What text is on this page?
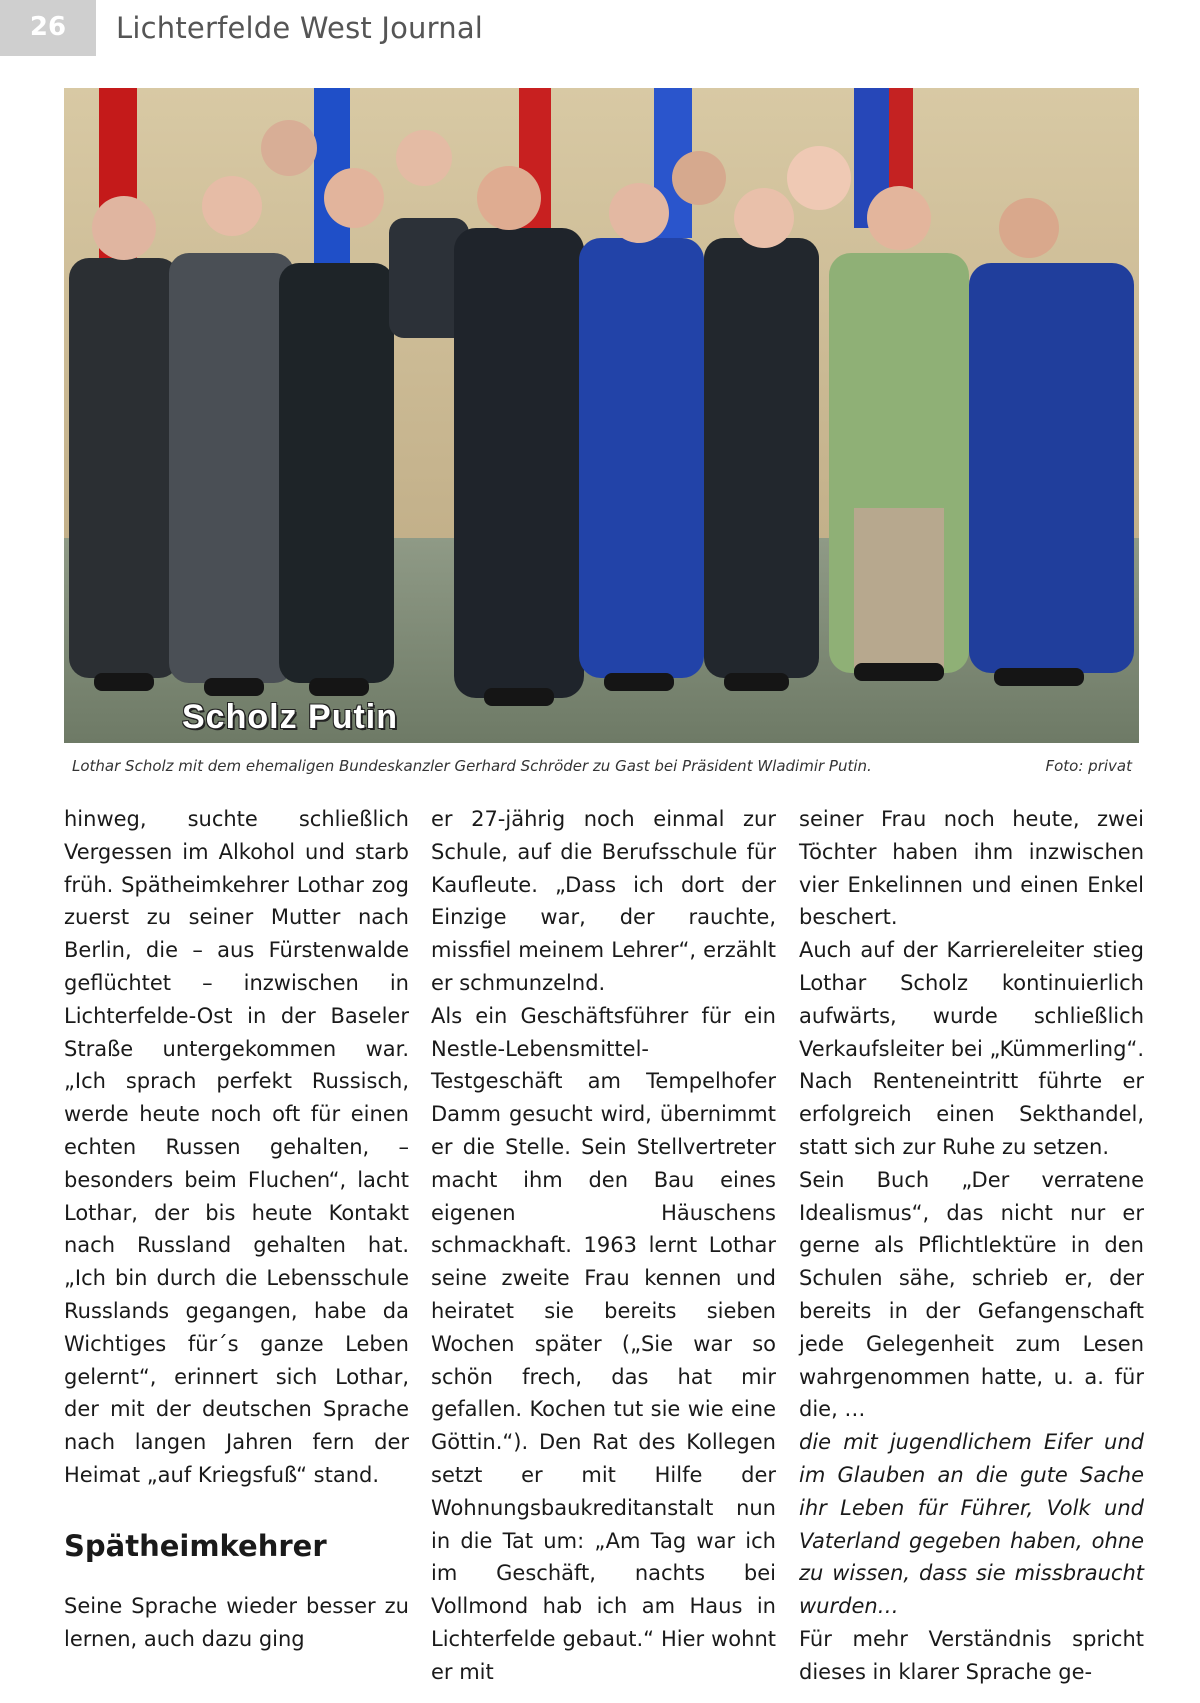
26	Lichterfelde West Journal
Scholz Putin
Lothar Scholz mit dem ehemaligen Bundeskanzler Gerhard Schröder zu Gast bei Präsident Wladimir Putin.	Foto: privat

hinweg, suchte schließlich Vergessen im Alkohol und starb früh. Spätheimkehrer Lothar zog zuerst zu seiner Mutter nach Berlin, die – aus Fürstenwalde geflüchtet – inzwischen in Lichterfelde-Ost in der Baseler Straße untergekommen war. „Ich sprach perfekt Russisch, werde heute noch oft für einen echten Russen gehalten, – besonders beim Fluchen“, lacht Lothar, der bis heute Kontakt nach Russland gehalten hat. „Ich bin durch die Lebensschule Russlands gegangen, habe da Wichtiges für´s ganze Leben gelernt“, erinnert sich Lothar, der mit der deutschen Sprache nach langen Jahren fern der Heimat „auf Kriegsfuß“ stand.

Spätheimkehrer

Seine Sprache wieder besser zu lernen, auch dazu ging

er 27-jährig noch einmal zur Schule, auf die Berufsschule für Kaufleute. „Dass ich dort der Einzige war, der rauchte, missfiel meinem Lehrer“, erzählt er schmunzelnd.

Als ein Geschäftsführer für ein Nestle-Lebensmittel-Testgeschäft am Tempelhofer Damm gesucht wird, übernimmt er die Stelle. Sein Stellvertreter macht ihm den Bau eines eigenen Häuschens schmackhaft. 1963 lernt Lothar seine zweite Frau kennen und heiratet sie bereits sieben Wochen später („Sie war so schön frech, das hat mir gefallen. Kochen tut sie wie eine Göttin.“). Den Rat des Kollegen setzt er mit Hilfe der Wohnungsbaukreditanstalt nun in die Tat um: „Am Tag war ich im Geschäft, nachts bei Vollmond hab ich am Haus in Lichterfelde gebaut.“ Hier wohnt er mit

seiner Frau noch heute, zwei Töchter haben ihm inzwischen vier Enkelinnen und einen Enkel beschert.

Auch auf der Karriereleiter stieg Lothar Scholz kontinuierlich aufwärts, wurde schließlich Verkaufsleiter bei „Kümmerling“. Nach Renteneintritt führte er erfolgreich einen Sekthandel, statt sich zur Ruhe zu setzen.

Sein Buch „Der verratene Idealismus“, das nicht nur er gerne als Pflichtlektüre in den Schulen sähe, schrieb er, der bereits in der Gefangenschaft jede Gelegenheit zum Lesen wahrgenommen hatte, u. a. für die, …

die mit jugendlichem Eifer und im Glauben an die gute Sache ihr Leben für Führer, Volk und Vaterland gegeben haben, ohne zu wissen, dass sie missbraucht wurden…

Für mehr Verständnis spricht dieses in klarer Sprache ge-
